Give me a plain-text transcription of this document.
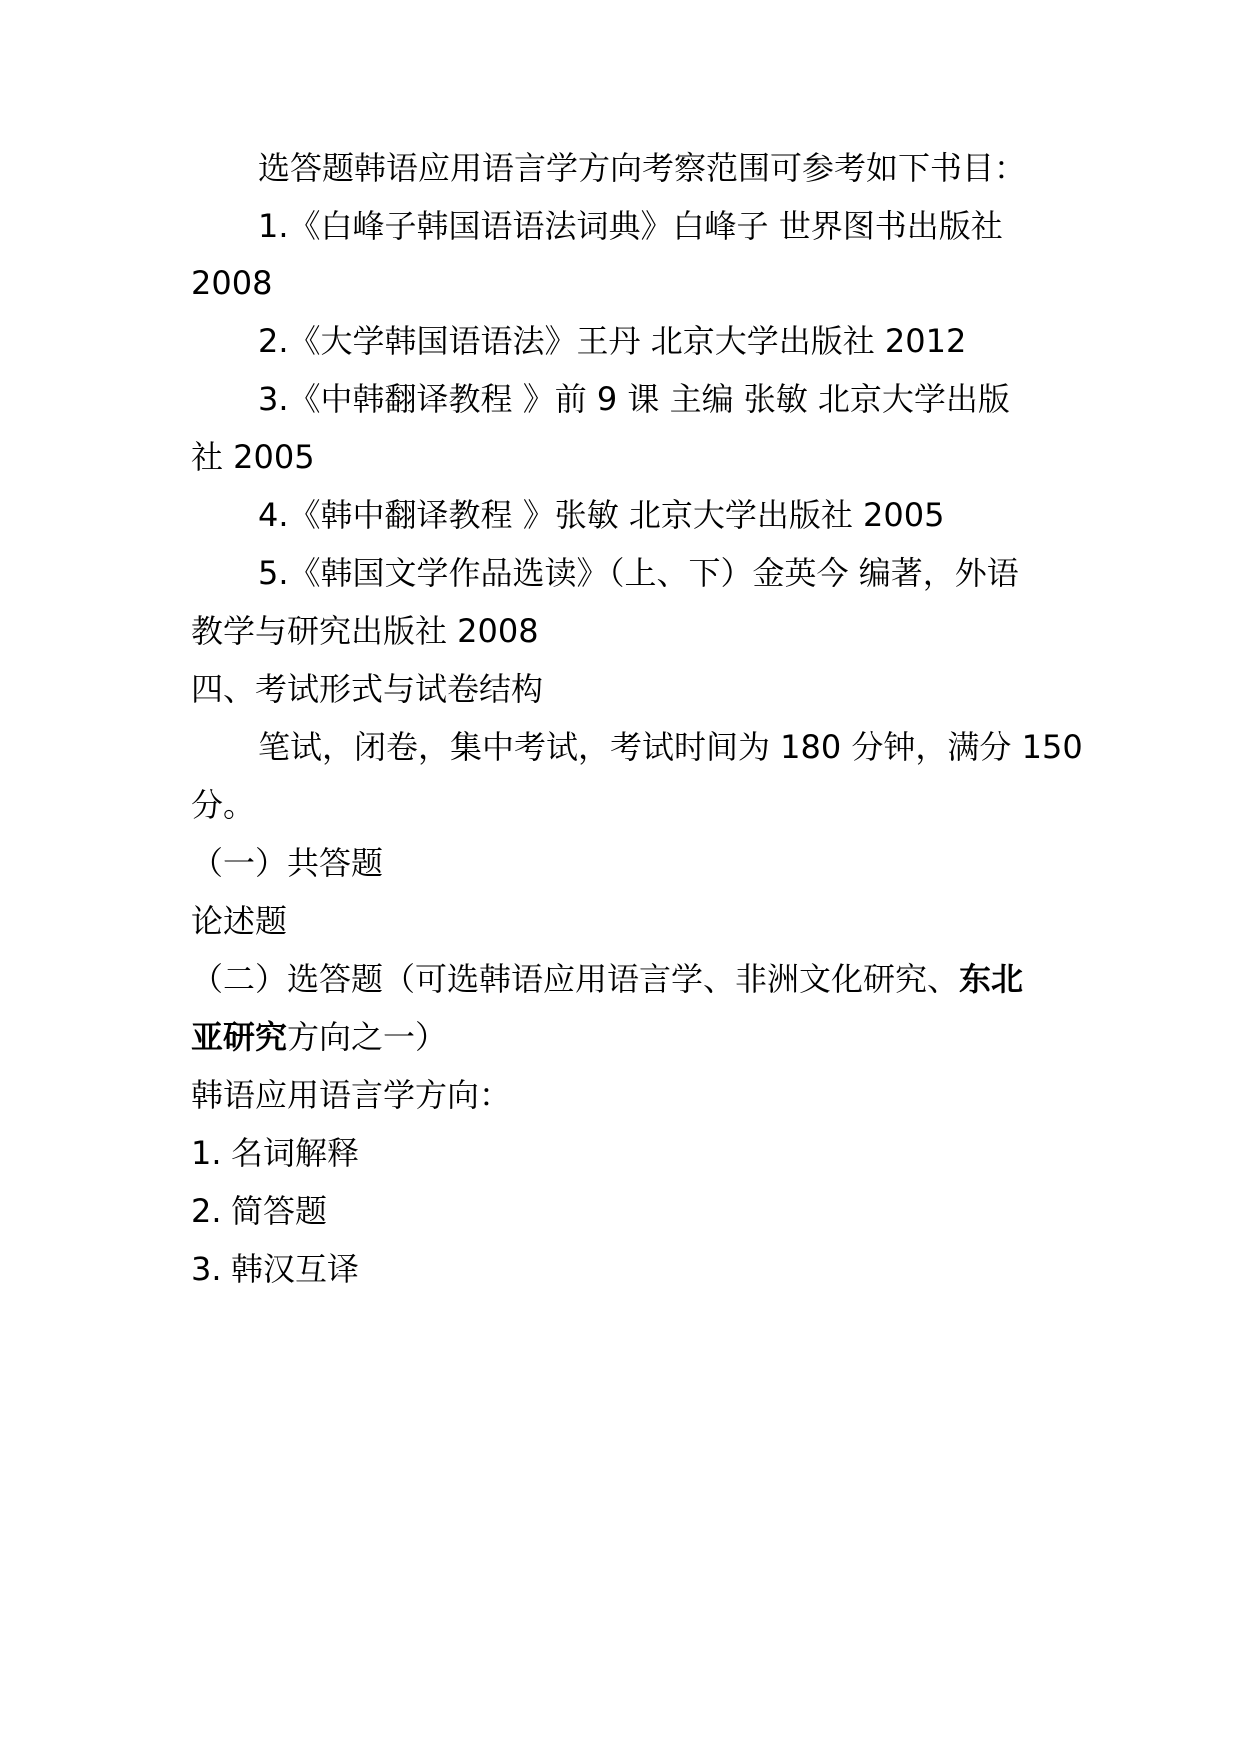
选答题韩语应用语言学方向考察范围可参考如下书目：

1.《白峰子韩国语语法词典》白峰子 世界图书出版社

2008

2.《大学韩国语语法》王丹 北京大学出版社 2012

3.《中韩翻译教程 》前 9 课 主编 张敏 北京大学出版

社 2005

4.《韩中翻译教程 》张敏 北京大学出版社 2005

5.《韩国文学作品选读》（上、下）金英今 编著，外语

教学与研究出版社 2008

四、考试形式与试卷结构

笔试，闭卷，集中考试，考试时间为 180 分钟，满分 150

分。

（一）共答题

论述题

（二）选答题（可选韩语应用语言学、非洲文化研究、东北

亚研究方向之一）

韩语应用语言学方向：

1. 名词解释

2. 简答题

3. 韩汉互译
